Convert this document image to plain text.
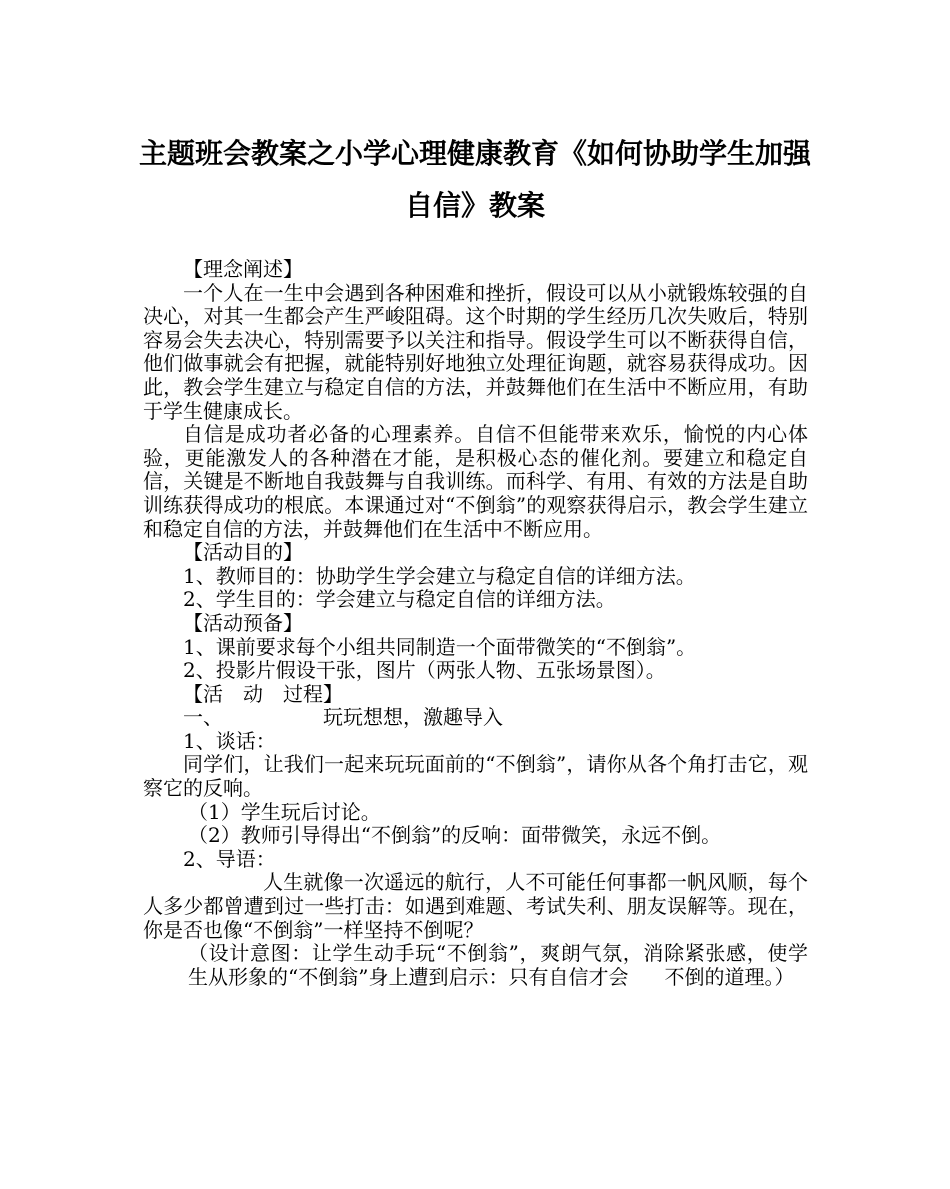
主题班会教案之小学心理健康教育《如何协助学生加强
自信》教案

【理念阐述】

一个人在一生中会遇到各种困难和挫折，假设可以从小就锻炼较强的自决心，对其一生都会产生严峻阻碍。这个时期的学生经历几次失败后，特别容易会失去决心，特别需要予以关注和指导。假设学生可以不断获得自信，他们做事就会有把握，就能特别好地独立处理征询题，就容易获得成功。因此，教会学生建立与稳定自信的方法，并鼓舞他们在生活中不断应用，有助于学生健康成长。

自信是成功者必备的心理素养。自信不但能带来欢乐，愉悦的内心体验，更能激发人的各种潜在才能，是积极心态的催化剂。要建立和稳定自信，关键是不断地自我鼓舞与自我训练。而科学、有用、有效的方法是自助训练获得成功的根底。本课通过对“不倒翁”的观察获得启示，教会学生建立和稳定自信的方法，并鼓舞他们在生活中不断应用。

【活动目的】

1、教师目的：协助学生学会建立与稳定自信的详细方法。

2、学生目的：学会建立与稳定自信的详细方法。

【活动预备】

1、课前要求每个小组共同制造一个面带微笑的“不倒翁”。

2、投影片假设干张，图片（两张人物、五张场景图）。

【活　动　过程】

一、	玩玩想想，激趣导入

1、谈话：

同学们，让我们一起来玩玩面前的“不倒翁”，请你从各个角打击它，观察它的反响。

（1）学生玩后讨论。

（2）教师引导得出“不倒翁”的反响：面带微笑，永远不倒。

2、导语：

人生就像一次遥远的航行，人不可能任何事都一帆风顺，每个人多少都曾遭到过一些打击：如遇到难题、考试失利、朋友误解等。现在，你是否也像“不倒翁”一样坚持不倒呢？

（设计意图：让学生动手玩“不倒翁”，爽朗气氛，消除紧张感，使学生从形象的“不倒翁”身上遭到启示：只有自信才会 不倒的道理。）
